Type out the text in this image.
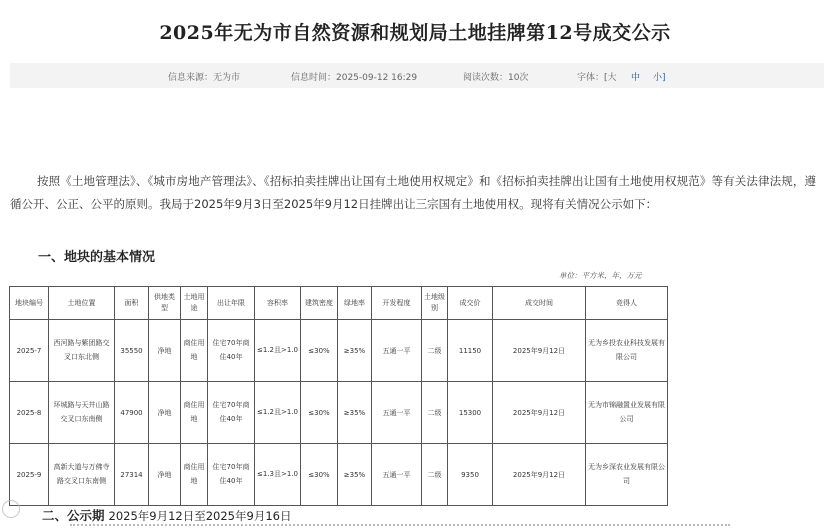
2025年无为市自然资源和规划局土地挂牌第12号成交公示
信息来源：无为市	信息时间：2025-09-12 16:29	阅读次数：10次	字体：[大 中 小]

按照《土地管理法》、《城市房地产管理法》、《招标拍卖挂牌出让国有土地使用权规定》和《招标拍卖挂牌出让国有土地使用权规范》等有关法律法规，遵循公开、公正、公平的原则。我局于2025年9月3日至2025年9月12日挂牌出让三宗国有土地使用权。现将有关情况公示如下：

一、地块的基本情况
单位：平方米，年，万元
地块编号	土地位置	面积	供地类型	土地用途	出让年限	容积率	建筑密度	绿地率	开发程度	土地级别	成交价	成交时间	竞得人
2025-7	西河路与紫团路交叉口东北侧	35550	净地	商住用地	住宅70年商住40年	≤1.2且>1.0	≤30%	≥35%	五通一平	二级	11150	2025年9月12日	无为乡投农业科技发展有限公司
2025-8	环城路与天井山路交叉口东南侧	47900	净地	商住用地	住宅70年商住40年	≤1.2且>1.0	≤30%	≥35%	五通一平	二级	15300	2025年9月12日	无为市锦融置业发展有限公司
2025-9	高新大道与万佛寺路交叉口东南侧	27314	净地	商住用地	住宅70年商住40年	≤1.3且>1.0	≤30%	≥35%	五通一平	二级	9350	2025年9月12日	无为乡深农业发展有限公司
二、公示期 2025年9月12日至2025年9月16日
